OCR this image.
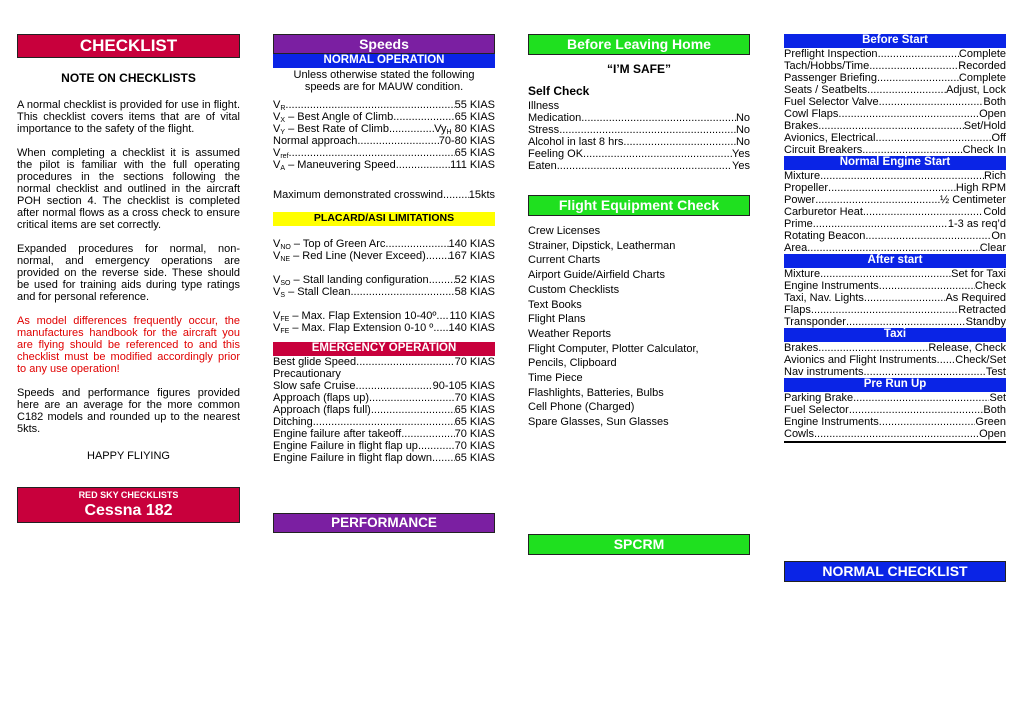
CHECKLIST
NOTE ON CHECKLISTS

A normal checklist is provided for use in flight. This checklist covers items that are of vital importance to the safety of the flight.

When completing a checklist it is assumed the pilot is familiar with the full operating procedures in the sections following the normal checklist and outlined in the aircraft POH section 4. The checklist is completed after normal flows as a cross check to ensure critical items are set correctly.

Expanded procedures for normal, non-normal, and emergency operations are provided on the reverse side. These should be used for training aids during type ratings and for personal reference.

As model differences frequently occur, the manufactures handbook for the aircraft you are flying should be referenced to and this checklist must be modified accordingly prior to any use operation!

Speeds and performance figures provided here are an average for the more common C182 models and rounded up to the nearest 5kts.

HAPPY FLIYING
RED SKY CHECKLISTS
Cessna 182
Speeds
NORMAL OPERATION
Unless otherwise stated the following speeds are for MAUW condition.
$V_R$ .....	55 KIAS
$V_X$ – Best Angle of Climb .....	65 KIAS
$V_Y$ – Best Rate of Climb .....	$Vy_H$ 80 KIAS
Normal approach .....	70-80 KIAS
$V_{ref}$ .....	65 KIAS
$V_A$ – Maneuvering Speed .....	111 KIAS
Maximum demonstrated crosswind ..... 15kts
PLACARD/ASI LIMITATIONS
$V_{NO}$ – Top of Green Arc .....	140 KIAS
$V_{NE}$ – Red Line (Never Exceed) ..... 167 KIAS
$V_{SO}$ – Stall landing configuration ..... 52 KIAS
$V_S$ – Stall Clean .....	58 KIAS
$V_{FE}$ – Max. Flap Extension 10-40º ..... 110 KIAS
$V_{FE}$ – Max. Flap Extension 0-10 º ..... 140 KIAS
EMERGENCY OPERATION
Best glide Speed .....	70 KIAS
Precautionary
Slow safe Cruise .....	90-105 KIAS
Approach (flaps up) .....	70 KIAS
Approach (flaps full) .....	65 KIAS
Ditching .....	65 KIAS
Engine failure after takeoff .....	70 KIAS
Engine Failure in flight flap up .....	70 KIAS
Engine Failure in flight flap down ..... 65 KIAS
PERFORMANCE
Before Leaving Home
“I’M SAFE”
Self Check
Illness
Medication .....	No
Stress .....	No
Alcohol in last 8 hrs .....	No
Feeling OK .....	Yes
Eaten .....	Yes
Flight Equipment Check
Crew Licenses
Strainer, Dipstick, Leatherman
Current Charts
Airport Guide/Airfield Charts
Custom Checklists
Text Books
Flight Plans
Weather Reports
Flight Computer, Plotter Calculator,
Pencils, Clipboard
Time Piece
Flashlights, Batteries, Bulbs
Cell Phone (Charged)
Spare Glasses, Sun Glasses
SPCRM
Before Start
Preflight Inspection .....	Complete
Tach/Hobbs/Time .....	Recorded
Passenger Briefing .....	Complete
Seats / Seatbelts .....	Adjust, Lock
Fuel Selector Valve .....	Both
Cowl Flaps .....	Open
Brakes .....	Set/Hold
Avionics, Electrical .....	Off
Circuit Breakers .....	Check In
Normal Engine Start
Mixture .....	Rich
Propeller .....	High RPM
Power .....	½ Centimeter
Carburetor Heat .....	Cold
Prime .....	1-3 as req’d
Rotating Beacon .....	On
Area .....	Clear
After start
Mixture .....	Set for Taxi
Engine Instruments .....	Check
Taxi, Nav. Lights .....	As Required
Flaps .....	Retracted
Transponder .....	Standby
Taxi
Brakes .....	Release, Check
Avionics and Flight Instruments ..... Check/Set
Nav instruments .....	Test
Pre Run Up
Parking Brake .....	Set
Fuel Selector .....	Both
Engine Instruments .....	Green
Cowls .....	Open
NORMAL CHECKLIST
